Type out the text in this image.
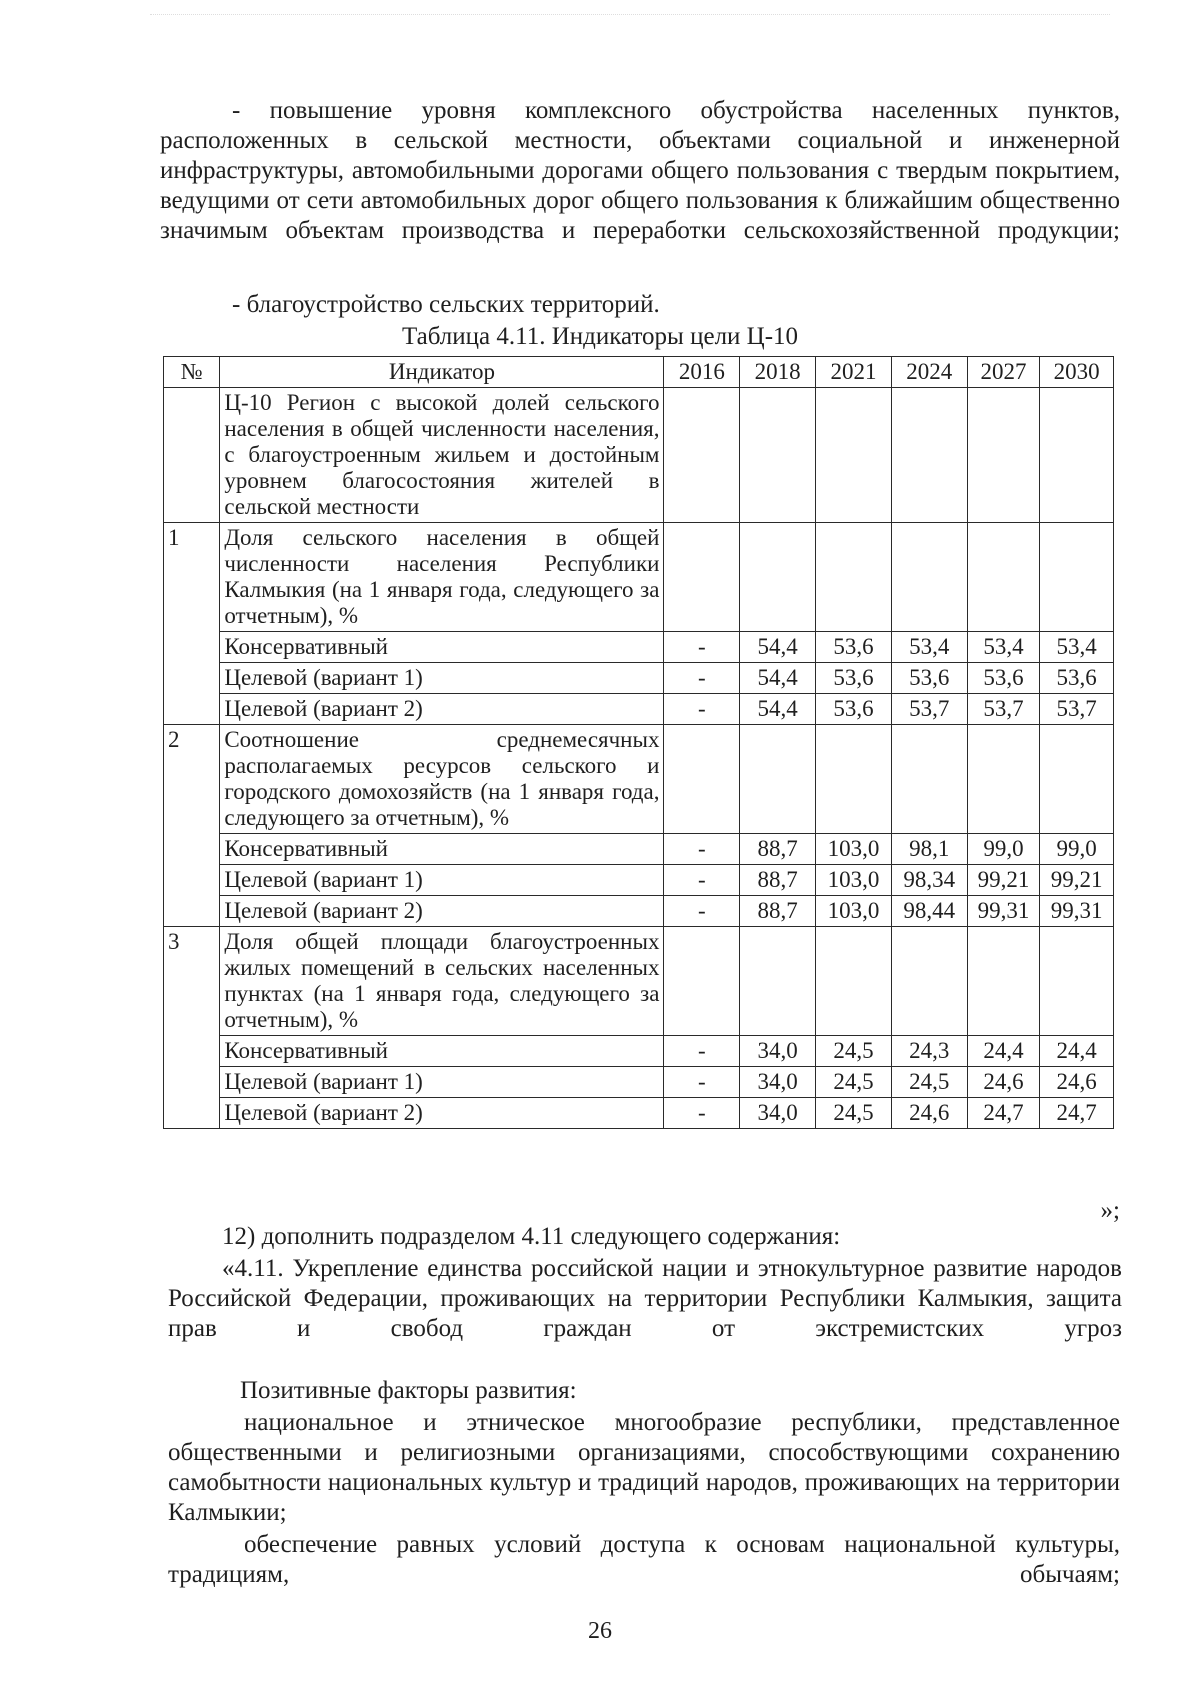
- повышение уровня комплексного обустройства населенных пунктов, расположенных в сельской местности, объектами социальной и инженерной инфраструктуры, автомобильными дорогами общего пользования с твердым покрытием, ведущими от сети автомобильных дорог общего пользования к ближайшим общественно значимым объектам производства и переработки сельскохозяйственной продукции;

- благоустройство сельских территорий.

Таблица 4.11. Индикаторы цели Ц-10

№	Индикатор	2016	2018	2021	2024	2027	2030
	Ц-10 Регион с высокой долей сельского населения в общей численности населения, с благоустроенным жильем и достойным уровнем благосостояния жителей в сельской местности						
1	Доля сельского населения в общей численности населения Республики Калмыкия (на 1 января года, следующего за отчетным), %						
	Консервативный	-	54,4	53,6	53,4	53,4	53,4
	Целевой (вариант 1)	-	54,4	53,6	53,6	53,6	53,6
	Целевой (вариант 2)	-	54,4	53,6	53,7	53,7	53,7
2	Соотношение среднемесячных располагаемых ресурсов сельского и городского домохозяйств (на 1 января года, следующего за отчетным), %						
	Консервативный	-	88,7	103,0	98,1	99,0	99,0
	Целевой (вариант 1)	-	88,7	103,0	98,34	99,21	99,21
	Целевой (вариант 2)	-	88,7	103,0	98,44	99,31	99,31
3	Доля общей площади благоустроенных жилых помещений в сельских населенных пунктах (на 1 января года, следующего за отчетным), %						
	Консервативный	-	34,0	24,5	24,3	24,4	24,4
	Целевой (вариант 1)	-	34,0	24,5	24,5	24,6	24,6
	Целевой (вариант 2)	-	34,0	24,5	24,6	24,7	24,7

»;

12) дополнить подразделом 4.11 следующего содержания:

«4.11. Укрепление единства российской нации и этнокультурное развитие народов Российской Федерации, проживающих на территории Республики Калмыкия, защита прав и свобод граждан от экстремистских угроз

Позитивные факторы развития:

национальное и этническое многообразие республики, представленное общественными и религиозными организациями, способствующими сохранению самобытности национальных культур и традиций народов, проживающих на территории Калмыкии;

обеспечение равных условий доступа к основам национальной культуры, традициям, обычаям;

26
